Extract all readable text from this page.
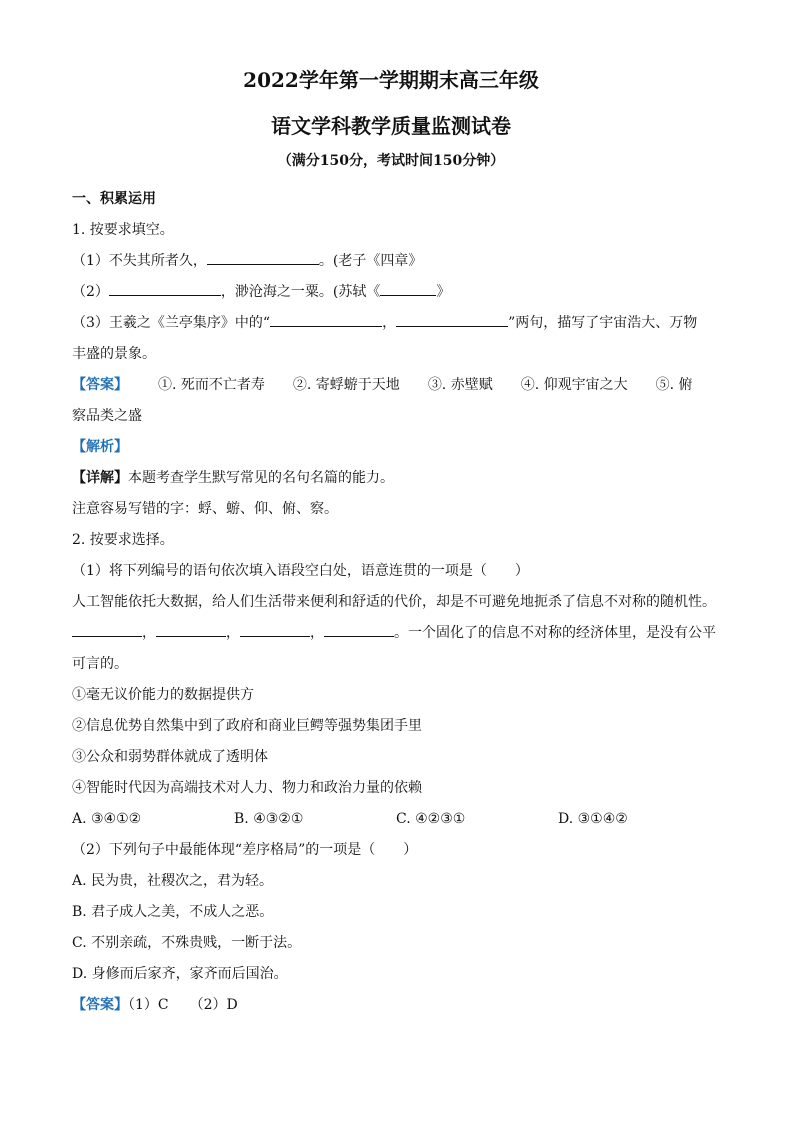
2022学年第一学期期末高三年级
语文学科教学质量监测试卷
（满分150分，考试时间150分钟）
一、积累运用
1. 按要求填空。
（1）不失其所者久，	。(老子《四章》
（2）	，渺沧海之一粟。(苏轼《	》
（3）王羲之《兰亭集序》中的“	，	”两句，描写了宇宙浩大、万物
丰盛的景象。
【答案】 ①. 死而不亡者寿 ②. 寄蜉蝣于天地 ③. 赤壁赋 ④. 仰观宇宙之大 ⑤. 俯
察品类之盛
【解析】
【详解】本题考查学生默写常见的名句名篇的能力。
注意容易写错的字：蜉、蝣、仰、俯、察。
2. 按要求选择。
（1）将下列编号的语句依次填入语段空白处，语意连贯的一项是（　　）
人工智能依托大数据，给人们生活带来便利和舒适的代价，却是不可避免地扼杀了信息不对称的随机性。
，	，	，	。一个固化了的信息不对称的经济体里，是没有公平
可言的。
①毫无议价能力的数据提供方
②信息优势自然集中到了政府和商业巨鳄等强势集团手里
③公众和弱势群体就成了透明体
④智能时代因为高端技术对人力、物力和政治力量的依赖
A. ③④①②	B. ④③②①	C. ④②③①	D. ③①④②
（2）下列句子中最能体现“差序格局”的一项是（　　）
A. 民为贵，社稷次之，君为轻。
B. 君子成人之美，不成人之恶。
C. 不别亲疏，不殊贵贱，一断于法。
D. 身修而后家齐，家齐而后国治。
【答案】（1）C　　（2）D
